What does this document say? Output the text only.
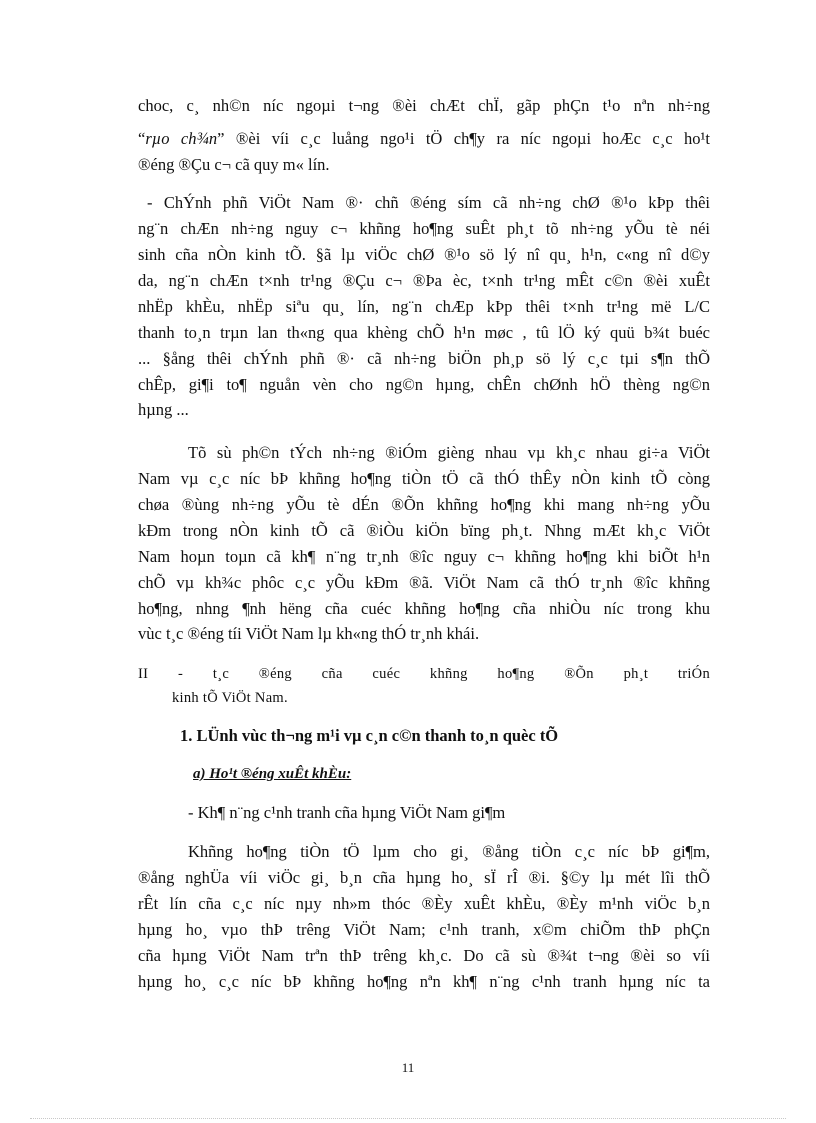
choc, c¸ nh©n níc ngoµi t¬ng ®èi chÆt chÏ, gãp phÇn t¹o nªn nh÷ng
“rµo ch¾n” ®èi víi c¸c luång ngo¹i tÖ ch¶y ra níc ngoµi hoÆc c¸c ho¹t
®éng ®Çu c¬ cã quy m« lín.
- ChÝnh phñ ViÖt Nam ®· chñ ®éng sím cã nh÷ng chØ ®¹o kÞp thêi
ng¨n chÆn nh÷ng nguy c¬ khñng ho¶ng suÊt ph¸t tõ nh÷ng yÕu tè néi
sinh cña nÒn kinh tÕ. §ã lµ viÖc chØ ®¹o sö lý nî qu¸ h¹n, c«ng nî d©y
da, ng¨n chÆn t×nh tr¹ng ®Çu c¬ ®Þa èc, t×nh tr¹ng mÊt c©n ®èi xuÊt
nhËp khÈu, nhËp siªu qu¸ lín, ng¨n chÆp kÞp thêi t×nh tr¹ng më L/C
thanh to¸n trµn lan th«ng qua khèng chÕ h¹n møc , tû lÖ ký quü b¾t buéc
... §ång thêi chÝnh phñ ®· cã nh÷ng biÖn ph¸p sö lý c¸c tµi s¶n thÕ
chÊp, gi¶i to¶ nguån vèn cho ng©n hµng, chÊn chØnh hÖ thèng ng©n
hµng ...
Tõ sù ph©n tÝch nh÷ng ®iÓm gièng nhau vµ kh¸c nhau gi÷a ViÖt
Nam vµ c¸c níc bÞ khñng ho¶ng tiÒn tÖ cã thÓ thÊy nÒn kinh tÕ còng
chøa ®ùng nh÷ng yÕu tè dÉn ®Õn khñng ho¶ng khi mang nh÷ng yÕu
kÐm trong nÒn kinh tÕ cã ®iÒu kiÖn bïng ph¸t. Nhng mÆt kh¸c ViÖt
Nam hoµn toµn cã kh¶ n¨ng tr¸nh ®îc nguy c¬ khñng ho¶ng khi biÕt h¹n
chÕ vµ kh¾c phôc c¸c yÕu kÐm ®ã. ViÖt Nam cã thÓ tr¸nh ®îc khñng
ho¶ng, nhng ¶nh hëng cña cuéc khñng ho¶ng cña nhiÒu níc trong khu
vùc t¸c ®éng tíi ViÖt Nam lµ kh«ng thÓ tr¸nh khái.
II - t¸c ®éng cña cuéc khñng ho¶ng ®Õn ph¸t triÓn
kinh tÕ ViÖt Nam.
1. LÜnh vùc th¬ng m¹i vµ c¸n c©n thanh to¸n quèc tÕ
a) Ho¹t ®éng xuÊt khÈu:
- Kh¶ n¨ng c¹nh tranh cña hµng ViÖt Nam gi¶m
Khñng ho¶ng tiÒn tÖ lµm cho gi¸ ®ång tiÒn c¸c níc bÞ gi¶m,
®ång nghÜa víi viÖc gi¸ b¸n cña hµng ho¸ sÏ rÎ ®i. §©y lµ mét lîi thÕ
rÊt lín cña c¸c níc nµy nh»m thóc ®Èy xuÊt khÈu, ®Èy m¹nh viÖc b¸n
hµng ho¸ vµo thÞ trêng ViÖt Nam; c¹nh tranh, x©m chiÕm thÞ phÇn
cña hµng ViÖt Nam trªn thÞ trêng kh¸c. Do cã sù ®¾t t¬ng ®èi so víi
hµng ho¸ c¸c níc bÞ khñng ho¶ng nªn kh¶ n¨ng c¹nh tranh hµng níc ta
11
